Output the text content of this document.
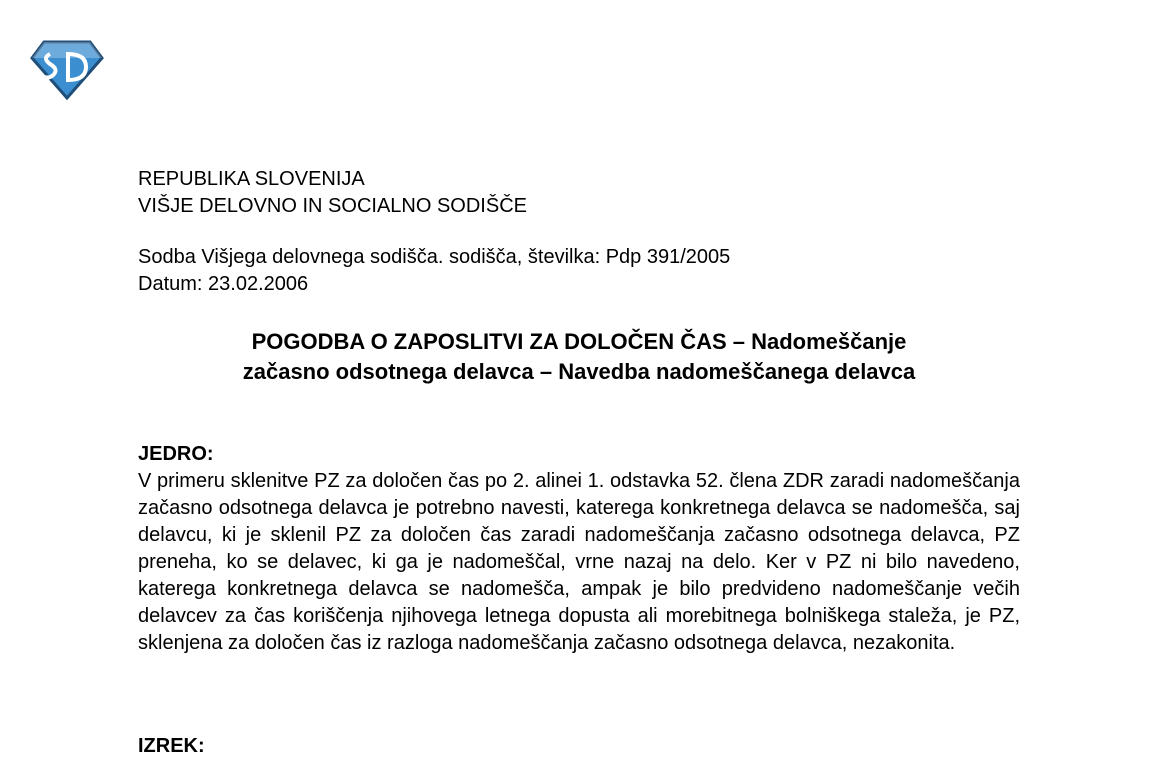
REPUBLIKA SLOVENIJA
VIŠJE DELOVNO IN SOCIALNO SODIŠČE
Sodba Višjega delovnega sodišča. sodišča, številka: Pdp 391/2005
Datum: 23.02.2006
POGODBA O ZAPOSLITVI ZA DOLOČEN ČAS – Nadomeščanje
začasno odsotnega delavca – Navedba nadomeščanega delavca
JEDRO:
V primeru sklenitve PZ za določen čas po 2. alinei 1. odstavka 52. člena ZDR zaradi nadomeščanja začasno odsotnega delavca je potrebno navesti, katerega konkretnega delavca se nadomešča, saj delavcu, ki je sklenil PZ za določen čas zaradi nadomeščanja začasno odsotnega delavca, PZ preneha, ko se delavec, ki ga je nadomeščal, vrne nazaj na delo. Ker v PZ ni bilo navedeno, katerega konkretnega delavca se nadomešča, ampak je bilo predvideno nadomeščanje večih delavcev za čas koriščenja njihovega letnega dopusta ali morebitnega bolniškega staleža, je PZ, sklenjena za določen čas iz razloga nadomeščanja začasno odsotnega delavca, nezakonita.
IZREK:
